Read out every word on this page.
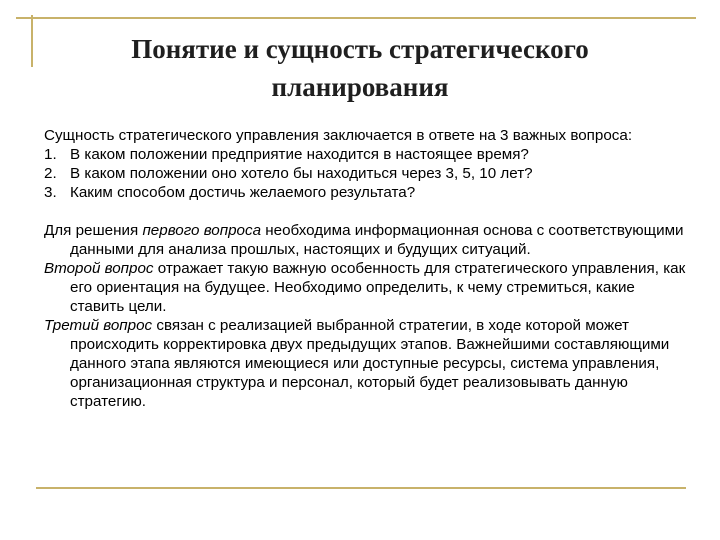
Понятие и сущность стратегического планирования
Сущность стратегического управления заключается в ответе на 3 важных вопроса:
1. В каком положении предприятие находится в настоящее время?
2. В каком положении оно хотело бы находиться через 3, 5, 10 лет?
3. Каким способом достичь желаемого результата?
Для решения первого вопроса необходима информационная основа с соответствующими данными для анализа прошлых, настоящих и будущих ситуаций.
Второй вопрос отражает такую важную особенность для стратегического управления, как его ориентация на будущее. Необходимо определить, к чему стремиться, какие ставить цели.
Третий вопрос связан с реализацией выбранной стратегии, в ходе которой может происходить корректировка двух предыдущих этапов. Важнейшими составляющими данного этапа являются имеющиеся или доступные ресурсы, система управления, организационная структура и персонал, который будет реализовывать данную стратегию.
